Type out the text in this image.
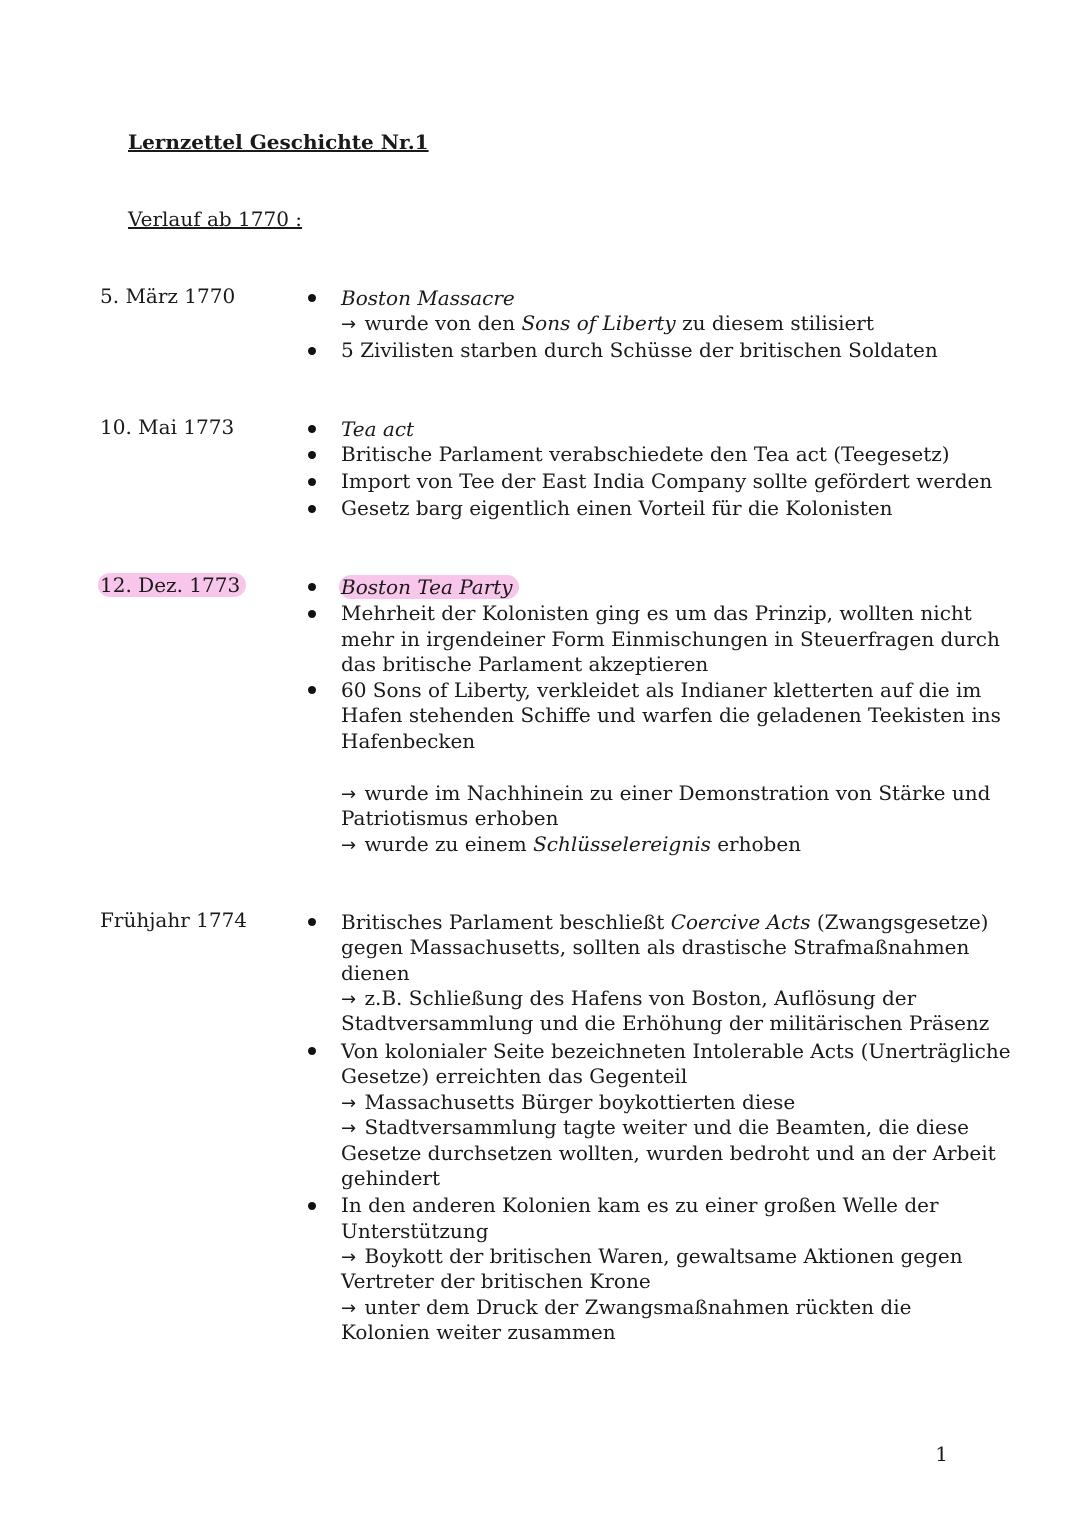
Lernzettel Geschichte Nr.1
Verlauf ab 1770 :
5. März 1770	Boston Massacre
→ wurde von den Sons of Liberty zu diesem stilisiert
5 Zivilisten starben durch Schüsse der britischen Soldaten
10. Mai 1773	Tea act
Britische Parlament verabschiedete den Tea act (Teegesetz)
Import von Tee der East India Company sollte gefördert werden
Gesetz barg eigentlich einen Vorteil für die Kolonisten
12. Dez. 1773	Boston Tea Party
Mehrheit der Kolonisten ging es um das Prinzip, wollten nicht
mehr in irgendeiner Form Einmischungen in Steuerfragen durch
das britische Parlament akzeptieren
60 Sons of Liberty, verkleidet als Indianer kletterten auf die im
Hafen stehenden Schiffe und warfen die geladenen Teekisten ins
Hafenbecken
→ wurde im Nachhinein zu einer Demonstration von Stärke und
Patriotismus erhoben
→ wurde zu einem Schlüsselereignis erhoben
Frühjahr 1774	Britisches Parlament beschließt Coercive Acts (Zwangsgesetze)
gegen Massachusetts, sollten als drastische Strafmaßnahmen
dienen
→ z.B. Schließung des Hafens von Boston, Auflösung der
Stadtversammlung und die Erhöhung der militärischen Präsenz
Von kolonialer Seite bezeichneten Intolerable Acts (Unerträgliche
Gesetze) erreichten das Gegenteil
→ Massachusetts Bürger boykottierten diese
→ Stadtversammlung tagte weiter und die Beamten, die diese
Gesetze durchsetzen wollten, wurden bedroht und an der Arbeit
gehindert
In den anderen Kolonien kam es zu einer großen Welle der
Unterstützung
→ Boykott der britischen Waren, gewaltsame Aktionen gegen
Vertreter der britischen Krone
→ unter dem Druck der Zwangsmaßnahmen rückten die
Kolonien weiter zusammen
1
